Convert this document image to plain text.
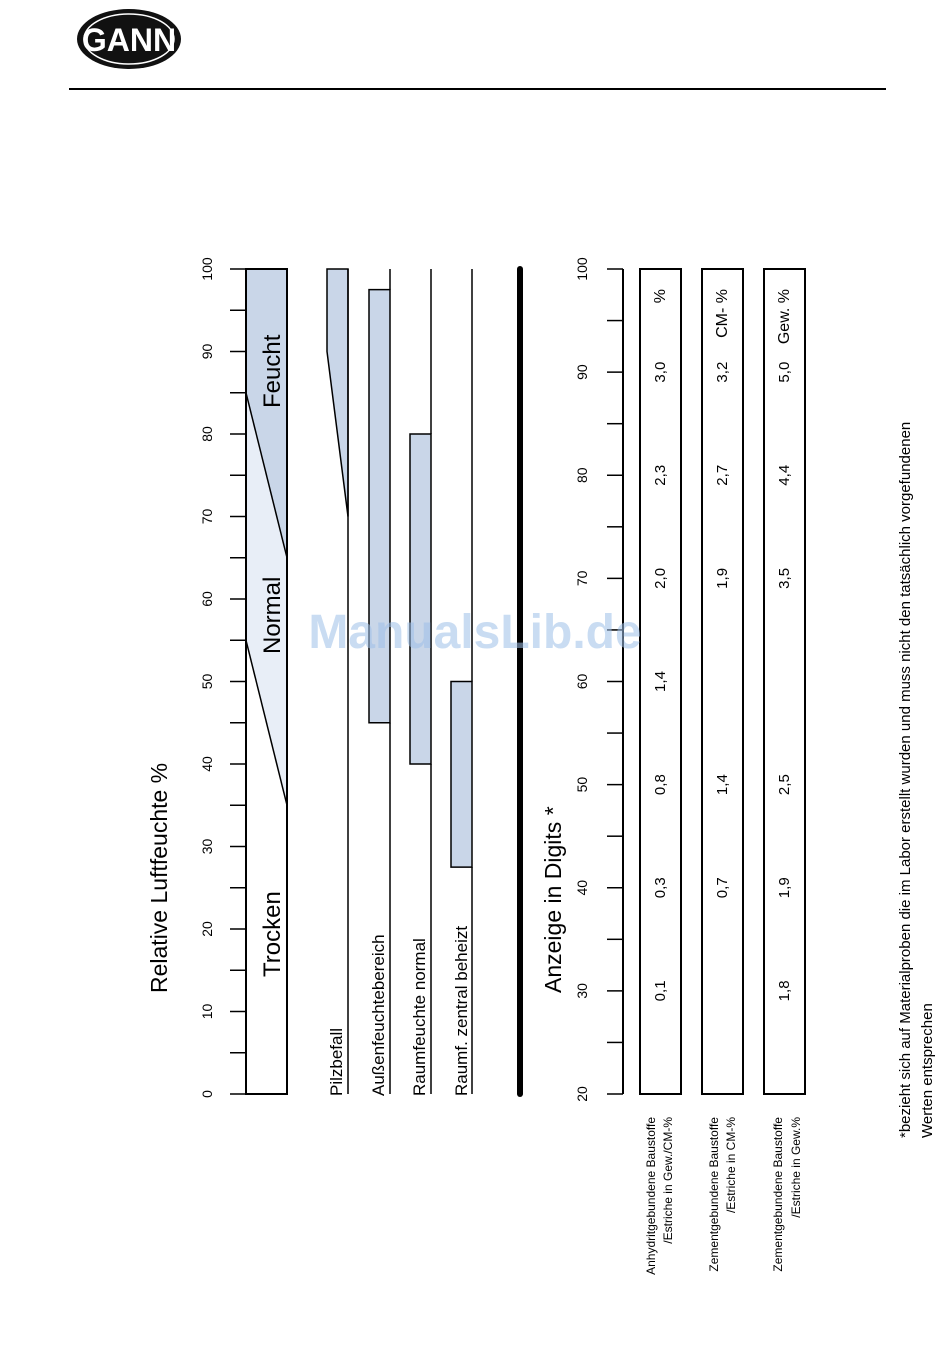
GANN
Relative Luftfeuchte %
0
10
20
30
40
50
60
70
80
90
100
Trocken
Normal
Feucht
Pilzbefall Außenfeuchtebereich Raumfeuchte normal Raumf. zentral beheizt
Anzeige in Digits *
20
30
40
50
60
70
80
90
100
0,1
0,3
0,8
1,4
2,0
2,3
3,0
%
Anhydritgebundene Baustoffe /Estriche in Gew./CM-%
0,7
1,4
1,9
2,7
3,2
CM- %
Zementgebundene Baustoffe /Estriche in CM-%
1,8
1,9
2,5
3,5
4,4
5,0
Gew. %
Zementgebundene Baustoffe /Estriche in Gew.%
*bezieht sich auf Materialproben die im Labor erstellt wurden und muss nicht den tatsächlich vorgefundenen Werten entsprechen
ManualsLib.de
